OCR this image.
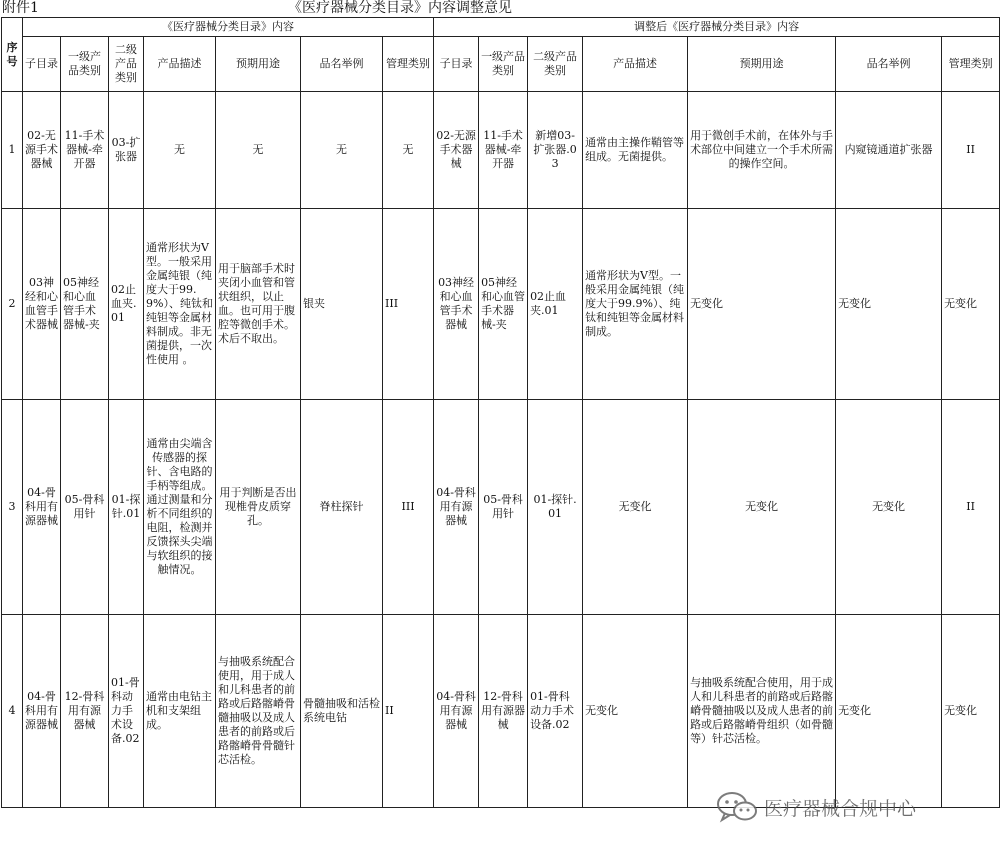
附件1	《医疗器械分类目录》内容调整意见
序号	《医疗器械分类目录》内容							调整后《医疗器械分类目录》内容						
	子目录	一级产品类别	二级产品类别	产品描述	预期用途	品名举例	管理类别	子目录	一级产品类别	二级产品类别	产品描述	预期用途	品名举例	管理类别
1	02-无源手术器械	11-手术器械-牵开器	03-扩张器	无	无	无	无	02-无源手术器械	11-手术器械-牵开器	新增03-扩张器.03	通常由主操作鞘管等组成。无菌提供。	用于微创手术前，在体外与手术部位中间建立一个手术所需的操作空间。	内窥镜通道扩张器	II
2	03神经和心血管手术器械	05神经和心血管手术器械-夹	02止血夹.01	通常形状为V型。一般采用金属纯银（纯度大于99.9%）、纯钛和纯钽等金属材料制成。非无菌提供，一次性使用 。	用于脑部手术时夹闭小血管和管状组织，以止血。也可用于腹腔等微创手术。术后不取出。	银夹	III	03神经和心血管手术器械	05神经和心血管手术器械-夹	02止血夹.01	通常形状为V型。一般采用金属纯银（纯度大于99.9%）、纯钛和纯钽等金属材料制成。	无变化	无变化	无变化
3	04-骨科用有源器械	05-骨科用针	01-探针.01	通常由尖端含传感器的探针、含电路的手柄等组成。通过测量和分析不同组织的电阻，检测并反馈探头尖端与软组织的接触情况。	用于判断是否出现椎骨皮质穿孔。	脊柱探针	III	04-骨科用有源器械	05-骨科用针	01-探针.01	无变化	无变化	无变化	II
4	04-骨科用有源器械	12-骨科用有源器械	01-骨科动力手术设备.02	通常由电钻主机和支架组成。	与抽吸系统配合使用，用于成人和儿科患者的前路或后路髂嵴骨髓抽吸以及成人患者的前路或后路髂嵴骨骨髓针芯活检。	骨髓抽吸和活检系统电钻	II	04-骨科用有源器械	12-骨科用有源器械	01-骨科动力手术设备.02	无变化	与抽吸系统配合使用，用于成人和儿科患者的前路或后路髂嵴骨髓抽吸以及成人患者的前路或后路髂嵴骨组织（如骨髓等）针芯活检。	无变化	无变化
医疗器械合规中心
